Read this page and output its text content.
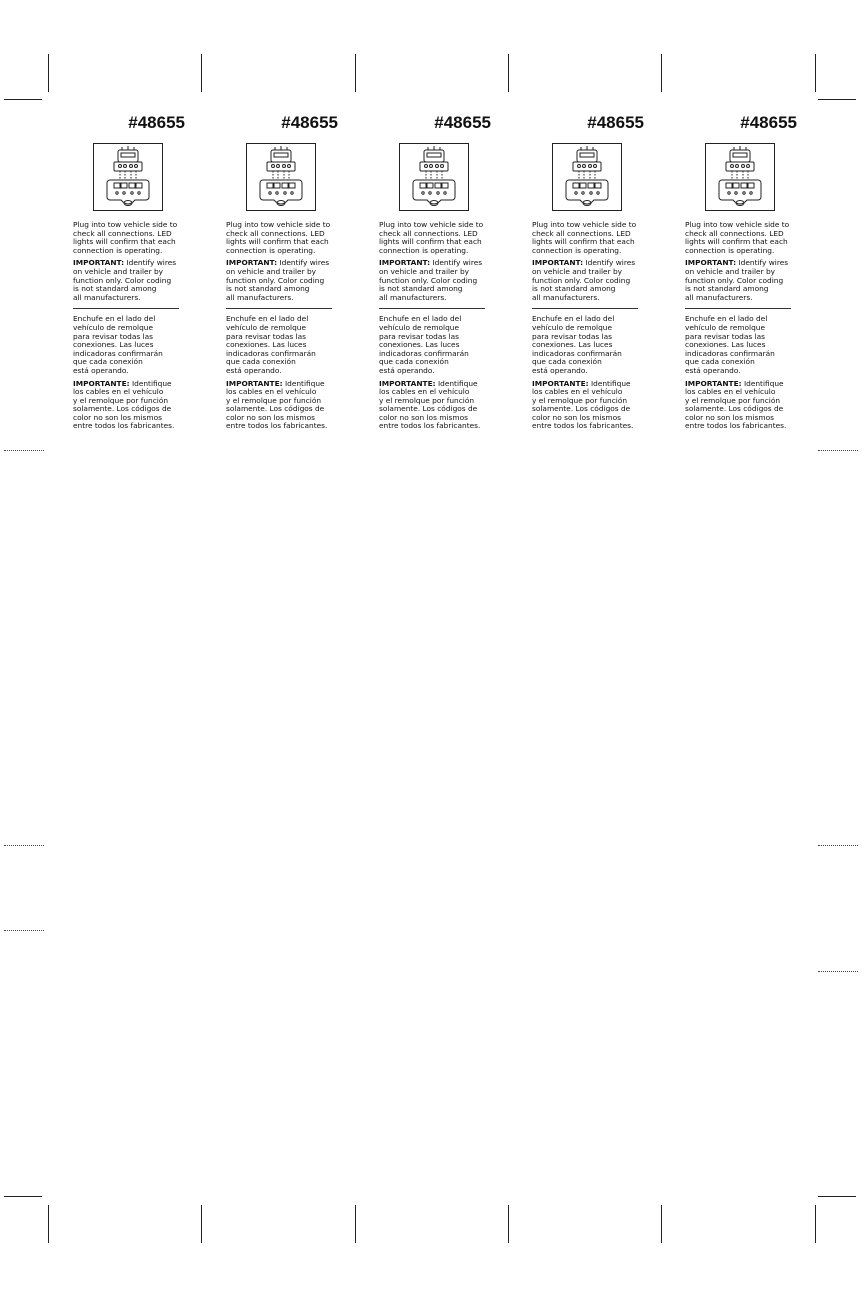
#48655

Plug into tow vehicle side to
check all connections. LED
lights will confirm that each
connection is operating.

IMPORTANT: Identify wires
on vehicle and trailer by
function only. Color coding
is not standard among
all manufacturers.

Enchufe en el lado del
vehículo de remolque
para revisar todas las
conexiones. Las luces
indicadoras confirmarán
que cada conexión
está operando.

IMPORTANTE: Identifique
los cables en el vehículo
y el remolque por función
solamente. Los códigos de
color no son los mismos
entre todos los fabricantes.

#48655

Plug into tow vehicle side to
check all connections. LED
lights will confirm that each
connection is operating.

IMPORTANT: Identify wires
on vehicle and trailer by
function only. Color coding
is not standard among
all manufacturers.

Enchufe en el lado del
vehículo de remolque
para revisar todas las
conexiones. Las luces
indicadoras confirmarán
que cada conexión
está operando.

IMPORTANTE: Identifique
los cables en el vehículo
y el remolque por función
solamente. Los códigos de
color no son los mismos
entre todos los fabricantes.

#48655

Plug into tow vehicle side to
check all connections. LED
lights will confirm that each
connection is operating.

IMPORTANT: Identify wires
on vehicle and trailer by
function only. Color coding
is not standard among
all manufacturers.

Enchufe en el lado del
vehículo de remolque
para revisar todas las
conexiones. Las luces
indicadoras confirmarán
que cada conexión
está operando.

IMPORTANTE: Identifique
los cables en el vehículo
y el remolque por función
solamente. Los códigos de
color no son los mismos
entre todos los fabricantes.

#48655

Plug into tow vehicle side to
check all connections. LED
lights will confirm that each
connection is operating.

IMPORTANT: Identify wires
on vehicle and trailer by
function only. Color coding
is not standard among
all manufacturers.

Enchufe en el lado del
vehículo de remolque
para revisar todas las
conexiones. Las luces
indicadoras confirmarán
que cada conexión
está operando.

IMPORTANTE: Identifique
los cables en el vehículo
y el remolque por función
solamente. Los códigos de
color no son los mismos
entre todos los fabricantes.

#48655

Plug into tow vehicle side to
check all connections. LED
lights will confirm that each
connection is operating.

IMPORTANT: Identify wires
on vehicle and trailer by
function only. Color coding
is not standard among
all manufacturers.

Enchufe en el lado del
vehículo de remolque
para revisar todas las
conexiones. Las luces
indicadoras confirmarán
que cada conexión
está operando.

IMPORTANTE: Identifique
los cables en el vehículo
y el remolque por función
solamente. Los códigos de
color no son los mismos
entre todos los fabricantes.
